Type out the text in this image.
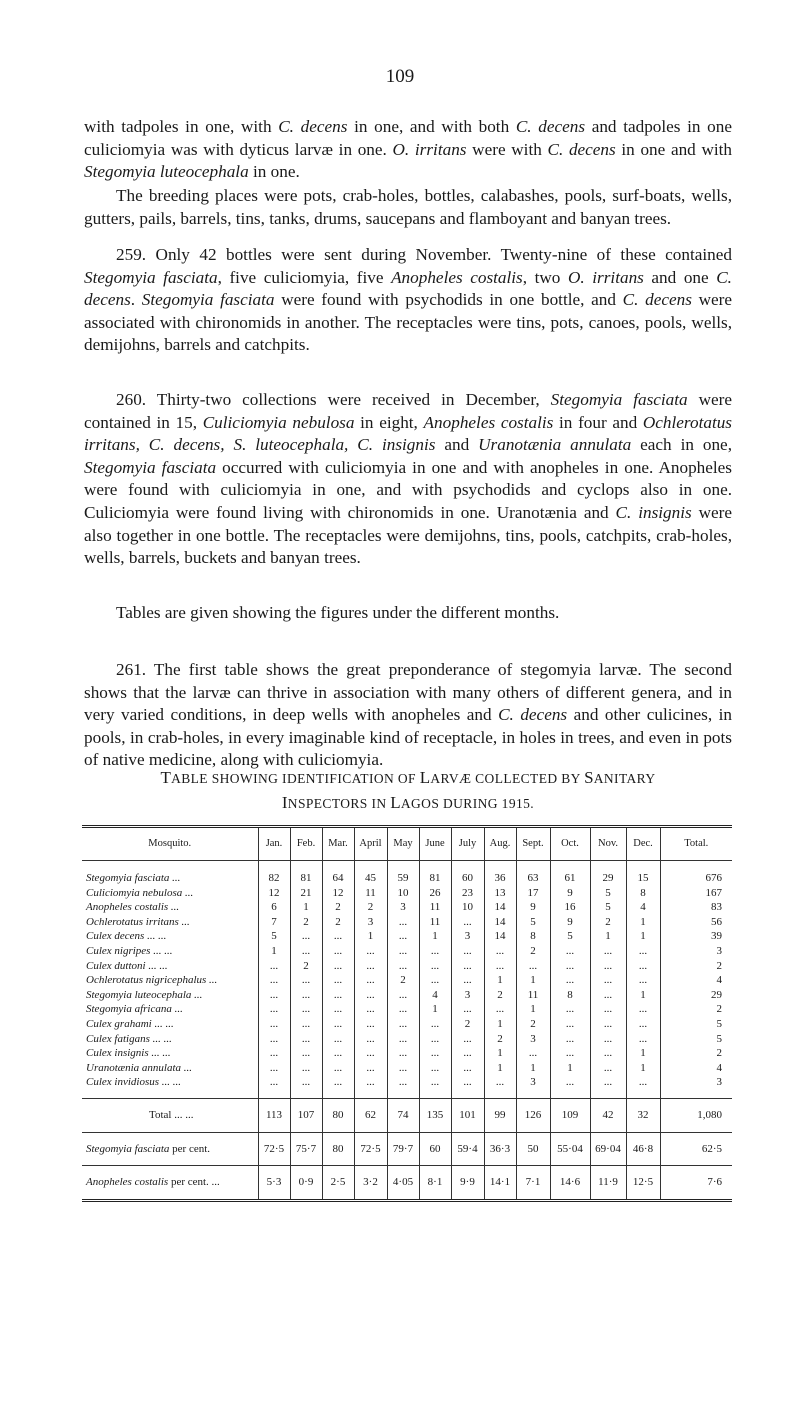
109

with tadpoles in one, with C. decens in one, and with both C. decens and tadpoles in one culiciomyia was with dyticus larvæ in one. O. irritans were with C. decens in one and with Stegomyia luteocephala in one.

The breeding places were pots, crab-holes, bottles, calabashes, pools, surf-boats, wells, gutters, pails, barrels, tins, tanks, drums, saucepans and flamboyant and banyan trees.

259. Only 42 bottles were sent during November. Twenty-nine of these contained Stegomyia fasciata, five culiciomyia, five Anopheles costalis, two O. irritans and one C. decens. Stegomyia fasciata were found with psychodids in one bottle, and C. decens were associated with chironomids in another. The receptacles were tins, pots, canoes, pools, wells, demijohns, barrels and catchpits.

260. Thirty-two collections were received in December, Stegomyia fasciata were contained in 15, Culiciomyia nebulosa in eight, Anopheles costalis in four and Ochlerotatus irritans, C. decens, S. luteocephala, C. insignis and Uranotænia annulata each in one, Stegomyia fasciata occurred with culiciomyia in one and with anopheles in one. Anopheles were found with culiciomyia in one, and with psychodids and cyclops also in one. Culiciomyia were found living with chironomids in one. Uranotænia and C. insignis were also together in one bottle. The receptacles were demijohns, tins, pools, catchpits, crab-holes, wells, barrels, buckets and banyan trees.

Tables are given showing the figures under the different months.

261. The first table shows the great preponderance of stegomyia larvæ. The second shows that the larvæ can thrive in association with many others of different genera, and in very varied conditions, in deep wells with anopheles and C. decens and other culicines, in pools, in crab-holes, in every imaginable kind of receptacle, in holes in trees, and even in pots of native medicine, along with culiciomyia.

TABLE SHOWING IDENTIFICATION OF LARVÆ COLLECTED BY SANITARY
INSPECTORS IN LAGOS DURING 1915.
Mosquito.	Jan.	Feb.	Mar.	April	May	June	July	Aug.	Sept.	Oct.	Nov.	Dec.	Total.
Stegomyia fasciata ...	82	81	64	45	59	81	60	36	63	61	29	15	676
Culiciomyia nebulosa ...	12	21	12	11	10	26	23	13	17	9	5	8	167
Anopheles costalis ...	6	1	2	2	3	11	10	14	9	16	5	4	83
Ochlerotatus irritans ...	7	2	2	3	...	11	...	14	5	9	2	1	56
Culex decens ... ...	5	...	...	1	...	1	3	14	8	5	1	1	39
Culex nigripes ... ...	1	...	...	...	...	...	...	...	2	...	...	...	3
Culex duttoni ... ...	...	2	...	...	...	...	...	...	...	...	...	...	2
Ochlerotatus nigricephalus ...	...	...	...	...	2	...	...	1	1	...	...	...	4
Stegomyia luteocephala ...	...	...	...	...	...	4	3	2	11	8	...	1	29
Stegomyia africana ...	...	...	...	...	...	1	...	...	1	...	...	...	2
Culex grahami ... ...	...	...	...	...	...	...	2	1	2	...	...	...	5
Culex fatigans ... ...	...	...	...	...	...	...	...	2	3	...	...	...	5
Culex insignis ... ...	...	...	...	...	...	...	...	1	...	...	...	1	2
Uranotænia annulata ...	...	...	...	...	...	...	...	1	1	1	...	1	4
Culex invidiosus ... ...	...	...	...	...	...	...	...	...	3	...	...	...	3
Total ... ...	113	107	80	62	74	135	101	99	126	109	42	32	1,080
Stegomyia fasciata per cent.	72·5	75·7	80	72·5	79·7	60	59·4	36·3	50	55·04	69·04	46·8	62·5
Anopheles costalis per cent. ...	5·3	0·9	2·5	3·2	4·05	8·1	9·9	14·1	7·1	14·6	11·9	12·5	7·6
